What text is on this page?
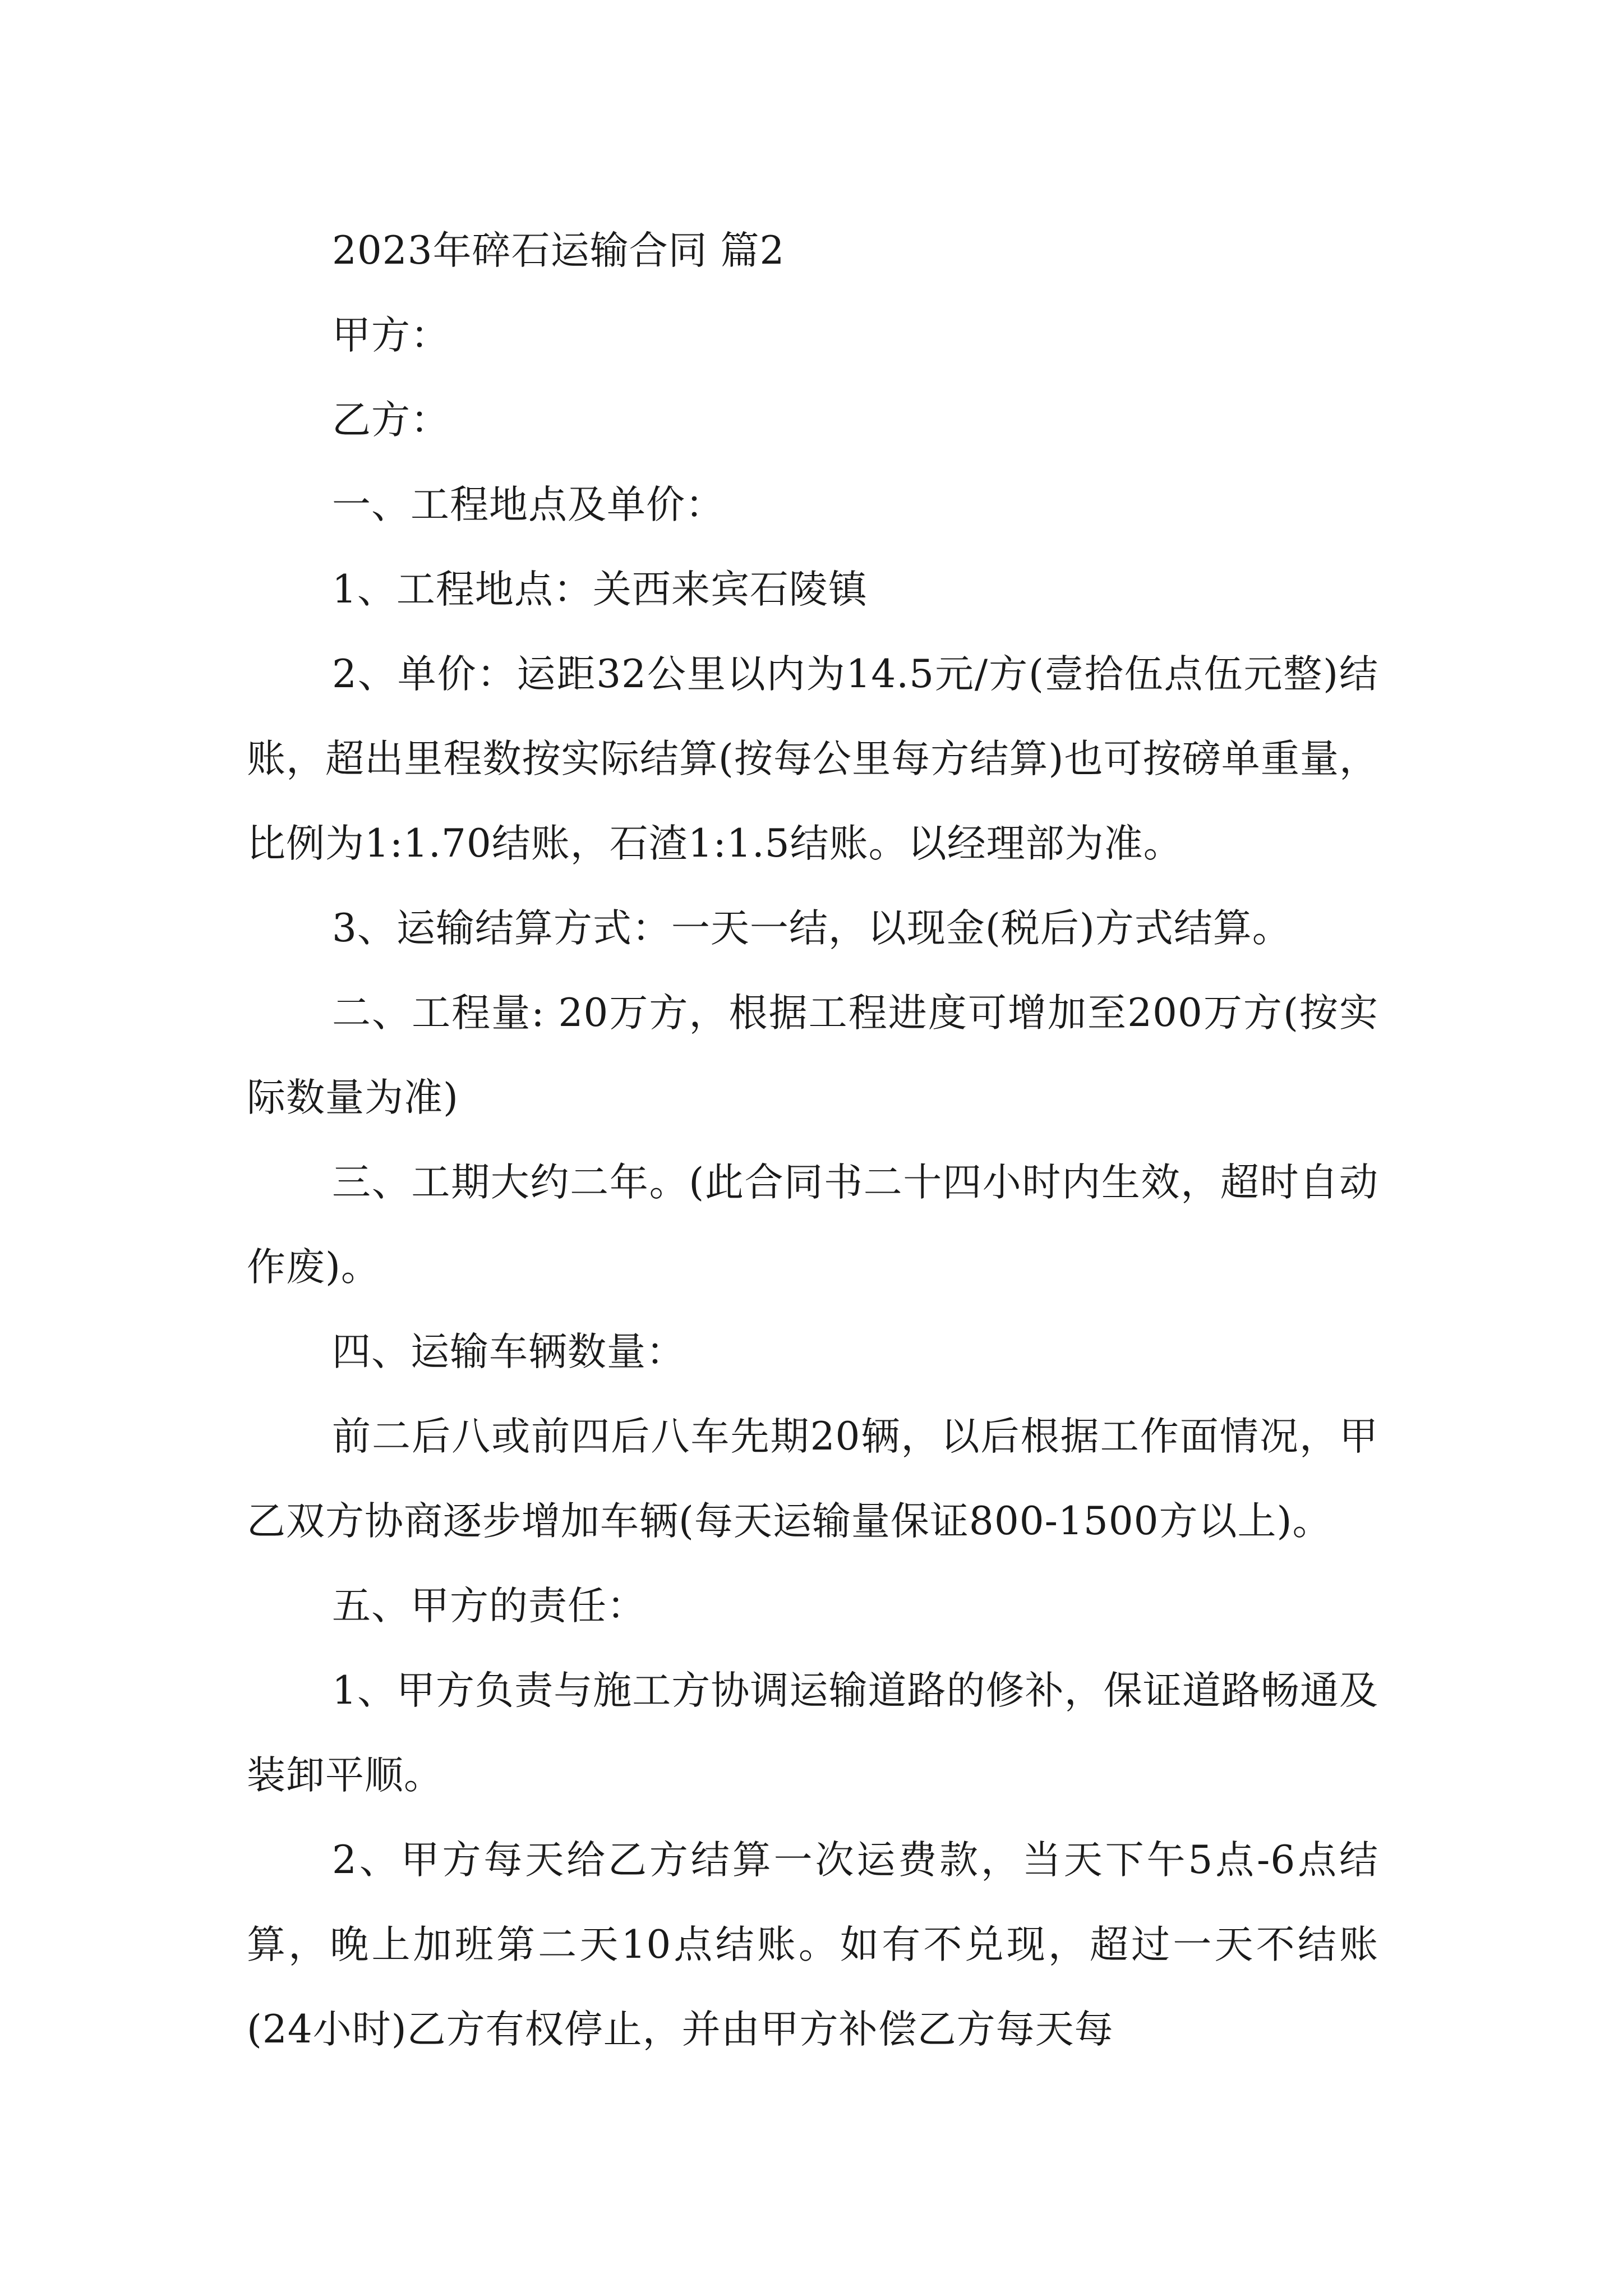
2023年碎石运输合同 篇2

甲方：

乙方：

一、工程地点及单价：

1、工程地点：关西来宾石陵镇

2、单价：运距32公里以内为14.5元/方(壹拾伍点伍元整)结账，超出里程数按实际结算(按每公里每方结算)也可按磅单重量，比例为1:1.70结账，石渣1:1.5结账。以经理部为准。

3、运输结算方式：一天一结，以现金(税后)方式结算。

二、工程量: 20万方，根据工程进度可增加至200万方(按实际数量为准)

三、工期大约二年。(此合同书二十四小时内生效，超时自动作废)。

四、运输车辆数量：

前二后八或前四后八车先期20辆，以后根据工作面情况，甲乙双方协商逐步增加车辆(每天运输量保证800-1500方以上)。

五、甲方的责任：

1、甲方负责与施工方协调运输道路的修补，保证道路畅通及装卸平顺。

2、甲方每天给乙方结算一次运费款，当天下午5点-6点结算，晚上加班第二天10点结账。如有不兑现，超过一天不结账(24小时)乙方有权停止，并由甲方补偿乙方每天每
